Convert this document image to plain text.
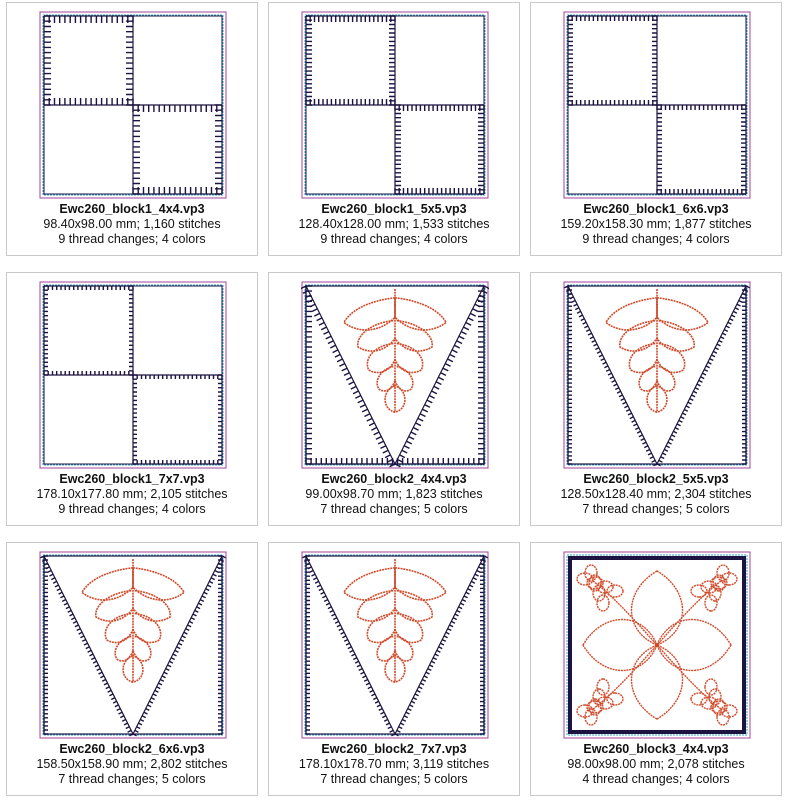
Ewc260_block1_4x4.vp3
98.40x98.00 mm; 1,160 stitches
9 thread changes; 4 colors
Ewc260_block1_5x5.vp3
128.40x128.00 mm; 1,533 stitches
9 thread changes; 4 colors
Ewc260_block1_6x6.vp3
159.20x158.30 mm; 1,877 stitches
9 thread changes; 4 colors
Ewc260_block1_7x7.vp3
178.10x177.80 mm; 2,105 stitches
9 thread changes; 4 colors
Ewc260_block2_4x4.vp3
99.00x98.70 mm; 1,823 stitches
7 thread changes; 5 colors
Ewc260_block2_5x5.vp3
128.50x128.40 mm; 2,304 stitches
7 thread changes; 5 colors
Ewc260_block2_6x6.vp3
158.50x158.90 mm; 2,802 stitches
7 thread changes; 5 colors
Ewc260_block2_7x7.vp3
178.10x178.70 mm; 3,119 stitches
7 thread changes; 5 colors
Ewc260_block3_4x4.vp3
98.00x98.00 mm; 2,078 stitches
4 thread changes; 4 colors
